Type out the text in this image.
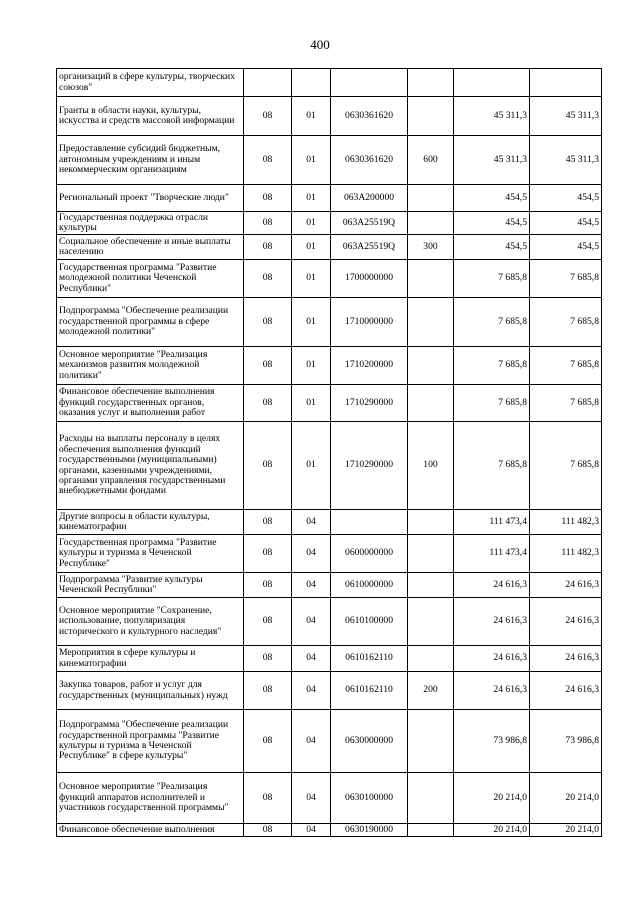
400
организаций в сфере культуры, творческих союзов"						
Гранты в области науки, культуры, искусства и средств массовой информации	08	01	0630361620		45 311,3	45 311,3
Предоставление субсидий бюджетным, автономным учреждениям и иным некоммерческим организациям	08	01	0630361620	600	45 311,3	45 311,3
Региональный проект "Творческие люди"	08	01	063A200000		454,5	454,5
Государственная поддержка отрасли культуры	08	01	063A25519Q		454,5	454,5
Социальное обеспечение и иные выплаты населению	08	01	063A25519Q	300	454,5	454,5
Государственная программа "Развитие молодежной политики Чеченской Республики"	08	01	1700000000		7 685,8	7 685,8
Подпрограмма "Обеспечение реализации государственной программы в сфере молодежной политики"	08	01	1710000000		7 685,8	7 685,8
Основное мероприятие "Реализация механизмов развития молодежной политики"	08	01	1710200000		7 685,8	7 685,8
Финансовое обеспечение выполнения функций государственных органов, оказания услуг и выполнения работ	08	01	1710290000		7 685,8	7 685,8
Расходы на выплаты персоналу в целях обеспечения выполнения функций государственными (муниципальными) органами, казенными учреждениями, органами управления государственными внебюджетными фондами	08	01	1710290000	100	7 685,8	7 685,8
Другие вопросы в области культуры, кинематографии	08	04			111 473,4	111 482,3
Государственная программа "Развитие культуры и туризма в Чеченской Республике"	08	04	0600000000		111 473,4	111 482,3
Подпрограмма "Развитие культуры Чеченской Республики"	08	04	0610000000		24 616,3	24 616,3
Основное мероприятие "Сохранение, использование, популяризация исторического и культурного наследия"	08	04	0610100000		24 616,3	24 616,3
Мероприятия в сфере культуры и кинематографии	08	04	0610162110		24 616,3	24 616,3
Закупка товаров, работ и услуг для государственных (муниципальных) нужд	08	04	0610162110	200	24 616,3	24 616,3
Подпрограмма "Обеспечение реализации государственной программы "Развитие культуры и туризма в Чеченской Республике" в сфере культуры"	08	04	0630000000		73 986,8	73 986,8
Основное мероприятие "Реализация функций аппаратов исполнителей и участников государственной программы"	08	04	0630100000		20 214,0	20 214,0
Финансовое обеспечение выполнения	08	04	0630190000		20 214,0	20 214,0
